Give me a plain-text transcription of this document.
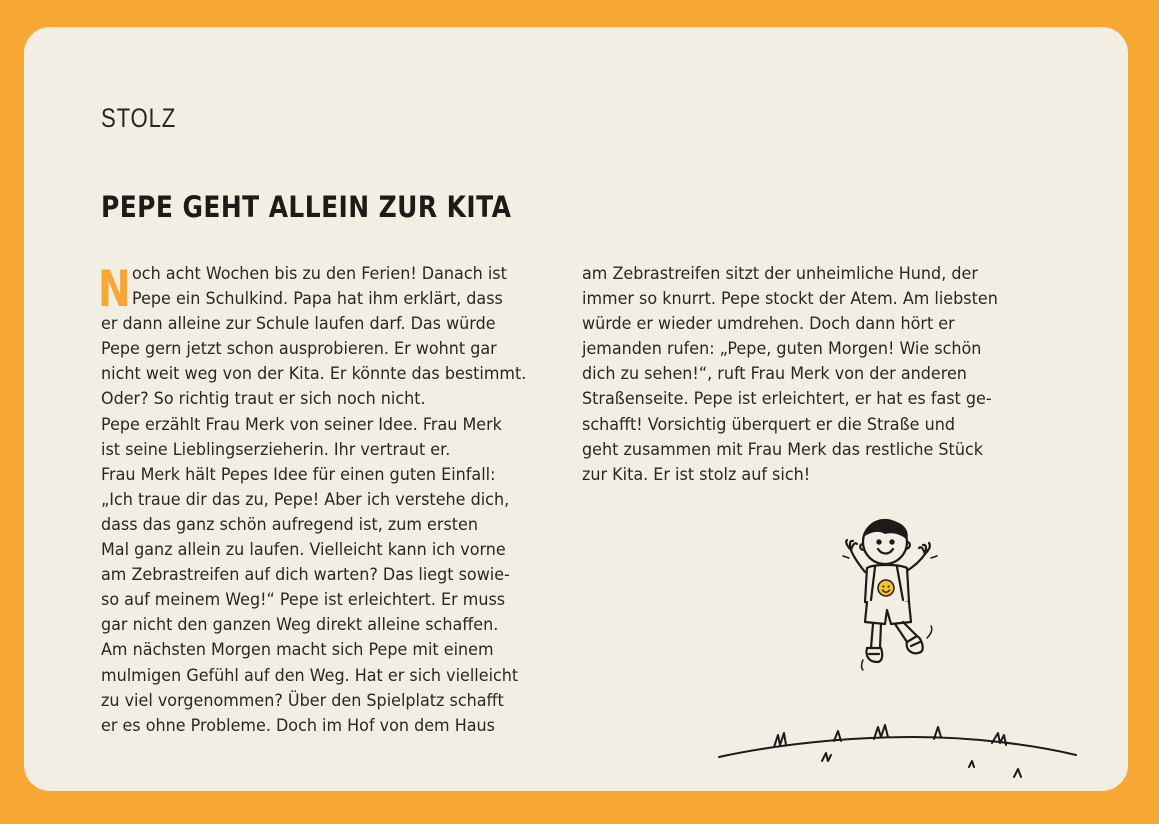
STOLZ
PEPE GEHT ALLEIN ZUR KITA
N och acht Wochen bis zu den Ferien! Danach ist
Pepe ein Schulkind. Papa hat ihm erklärt, dass
er dann alleine zur Schule laufen darf. Das würde
Pepe gern jetzt schon ausprobieren. Er wohnt gar
nicht weit weg von der Kita. Er könnte das bestimmt.
Oder? So richtig traut er sich noch nicht.
Pepe erzählt Frau Merk von seiner Idee. Frau Merk
ist seine Lieblingserzieherin. Ihr vertraut er.
Frau Merk hält Pepes Idee für einen guten Einfall:
„Ich traue dir das zu, Pepe! Aber ich verstehe dich,
dass das ganz schön aufregend ist, zum ersten
Mal ganz allein zu laufen. Vielleicht kann ich vorne
am Zebrastreifen auf dich warten? Das liegt sowie-
so auf meinem Weg!“ Pepe ist erleichtert. Er muss
gar nicht den ganzen Weg direkt alleine schaffen.
Am nächsten Morgen macht sich Pepe mit einem
mulmigen Gefühl auf den Weg. Hat er sich vielleicht
zu viel vorgenommen? Über den Spielplatz schafft
er es ohne Probleme. Doch im Hof von dem Haus
am Zebrastreifen sitzt der unheimliche Hund, der
immer so knurrt. Pepe stockt der Atem. Am liebsten
würde er wieder umdrehen. Doch dann hört er
jemanden rufen: „Pepe, guten Morgen! Wie schön
dich zu sehen!“, ruft Frau Merk von der anderen
Straßenseite. Pepe ist erleichtert, er hat es fast ge-
schafft! Vorsichtig überquert er die Straße und
geht zusammen mit Frau Merk das restliche Stück
zur Kita. Er ist stolz auf sich!
